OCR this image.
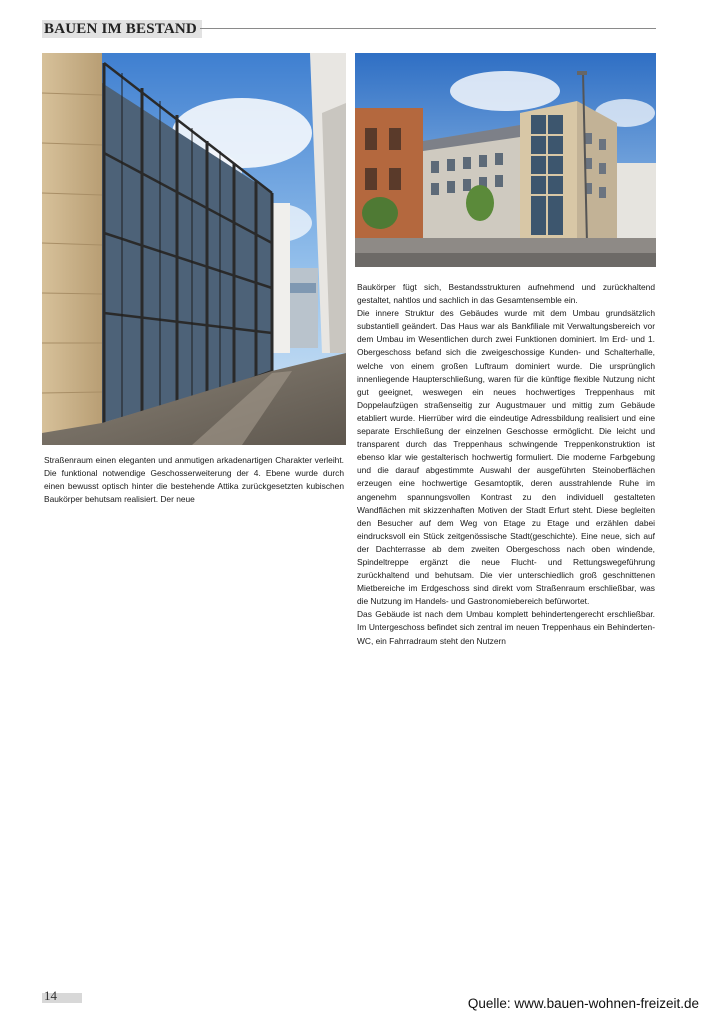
BAUEN IM BESTAND

Straßenraum einen eleganten und anmutigen arkadenartigen Charakter verleiht. Die funktional notwendige Geschosserweiterung der 4. Ebene wurde durch einen bewusst optisch hinter die bestehende Attika zurückgesetzten kubischen Baukörper behutsam realisiert. Der neue

Baukörper fügt sich, Bestandsstrukturen aufnehmend und zurückhaltend gestaltet, nahtlos und sachlich in das Gesamtensemble ein.

Die innere Struktur des Gebäudes wurde mit dem Umbau grundsätzlich substantiell geändert. Das Haus war als Bankfiliale mit Verwaltungsbereich vor dem Umbau im Wesentlichen durch zwei Funktionen dominiert. Im Erd- und 1. Obergeschoss befand sich die zweigeschossige Kunden- und Schalterhalle, welche von einem großen Luftraum dominiert wurde. Die ursprünglich innenliegende Haupterschließung, waren für die künftige flexible Nutzung nicht gut geeignet, weswegen ein neues hochwertiges Treppenhaus mit Doppelaufzügen straßenseitig zur Augustmauer und mittig zum Gebäude etabliert wurde. Hierrüber wird die eindeutige Adressbildung realisiert und eine separate Erschließung der einzelnen Geschosse ermöglicht. Die leicht und transparent durch das Treppenhaus schwingende Treppenkonstruktion ist ebenso klar wie gestalterisch hochwertig formuliert. Die moderne Farbgebung und die darauf abgestimmte Auswahl der ausgeführten Steinoberflächen erzeugen eine hochwertige Gesamtoptik, deren ausstrahlende Ruhe im angenehm spannungsvollen Kontrast zu den individuell gestalteten Wandflächen mit skizzenhaften Motiven der Stadt Erfurt steht. Diese begleiten den Besucher auf dem Weg von Etage zu Etage und erzählen dabei eindrucksvoll ein Stück zeitgenössische Stadt(geschichte). Eine neue, sich auf der Dachterrasse ab dem zweiten Obergeschoss nach oben windende, Spindeltreppe ergänzt die neue Flucht- und Rettungswegeführung zurückhaltend und behutsam. Die vier unterschiedlich groß geschnittenen Mietbereiche im Erdgeschoss sind direkt vom Straßenraum erschließbar, was die Nutzung im Handels- und Gastronomiebereich befürwortet.

Das Gebäude ist nach dem Umbau komplett behindertengerecht erschließbar. Im Untergeschoss befindet sich zentral im neuen Treppenhaus ein Behinderten-WC, ein Fahrradraum steht den Nutzern

14
Quelle: www.bauen-wohnen-freizeit.de
